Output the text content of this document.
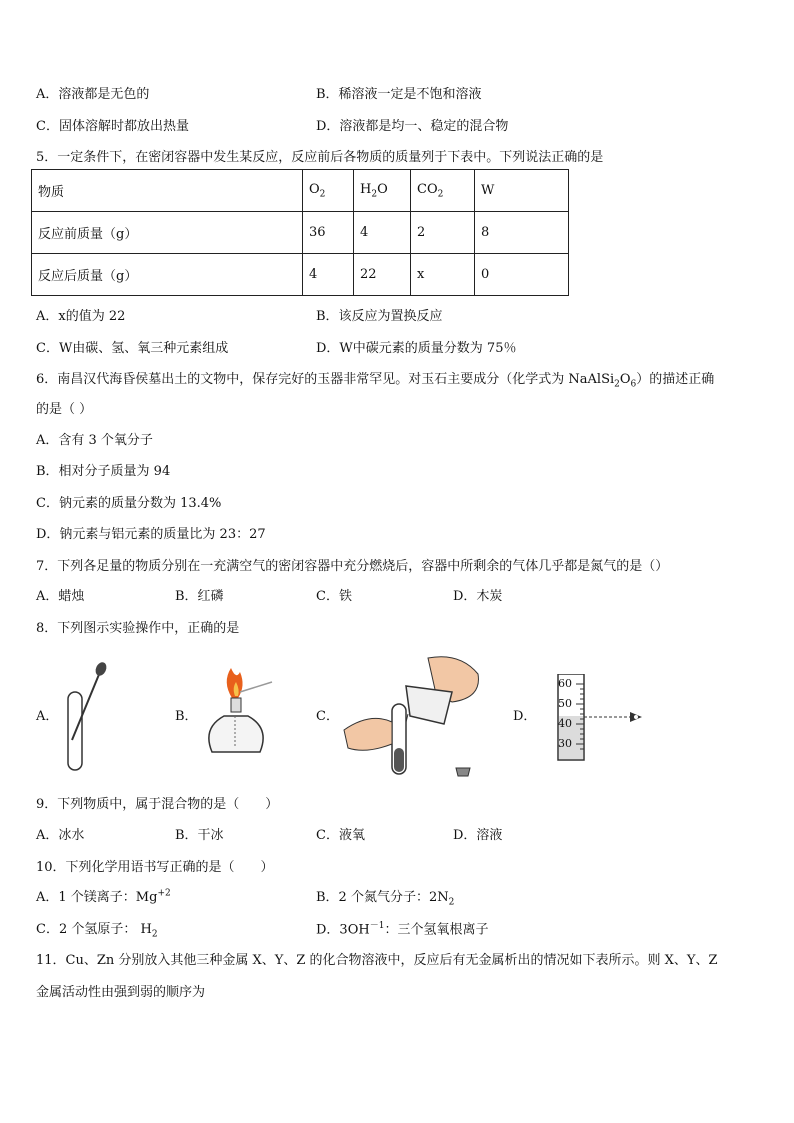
A．溶液都是无色的	B．稀溶液一定是不饱和溶液
C．固体溶解时都放出热量	D．溶液都是均一、稳定的混合物
5．一定条件下，在密闭容器中发生某反应，反应前后各物质的质量列于下表中。下列说法正确的是
物质	$O_2$	$H_2O$	$CO_2$	W
反应前质量（g）	36	4	2	8
反应后质量（g）	4	22	x	0
A．x的值为 22	B．该反应为置换反应
C．W由碳、氢、氧三种元素组成	D．W中碳元素的质量分数为 75％
6．南昌汉代海昏侯墓出土的文物中，保存完好的玉器非常罕见。对玉石主要成分（化学式为 $NaAlSi_2O_6$）的描述正确
的是（ ）
A．含有 3 个氧分子
B．相对分子质量为 94
C．钠元素的质量分数为 13.4%
D．钠元素与铝元素的质量比为 23：27
7．下列各足量的物质分别在一充满空气的密闭容器中充分燃烧后，容器中所剩余的气体几乎都是氮气的是（）
A．蜡烛	B．红磷	C．铁	D．木炭
8．下列图示实验操作中，正确的是
A．	B．	C．	D．
60
50
40
30
9．下列物质中，属于混合物的是（　　）
A．冰水	B．干冰	C．液氧	D．溶液
10．下列化学用语书写正确的是（　　）
A．1 个镁离子：$Mg^{+2}$	B．2 个氮气分子：$2N_2$
C．2 个氢原子： $H_2$	D．$3OH^{-1}$：三个氢氧根离子
11．Cu、Zn 分别放入其他三种金属 X、Y、Z 的化合物溶液中，反应后有无金属析出的情况如下表所示。则 X、Y、Z
金属活动性由强到弱的顺序为
